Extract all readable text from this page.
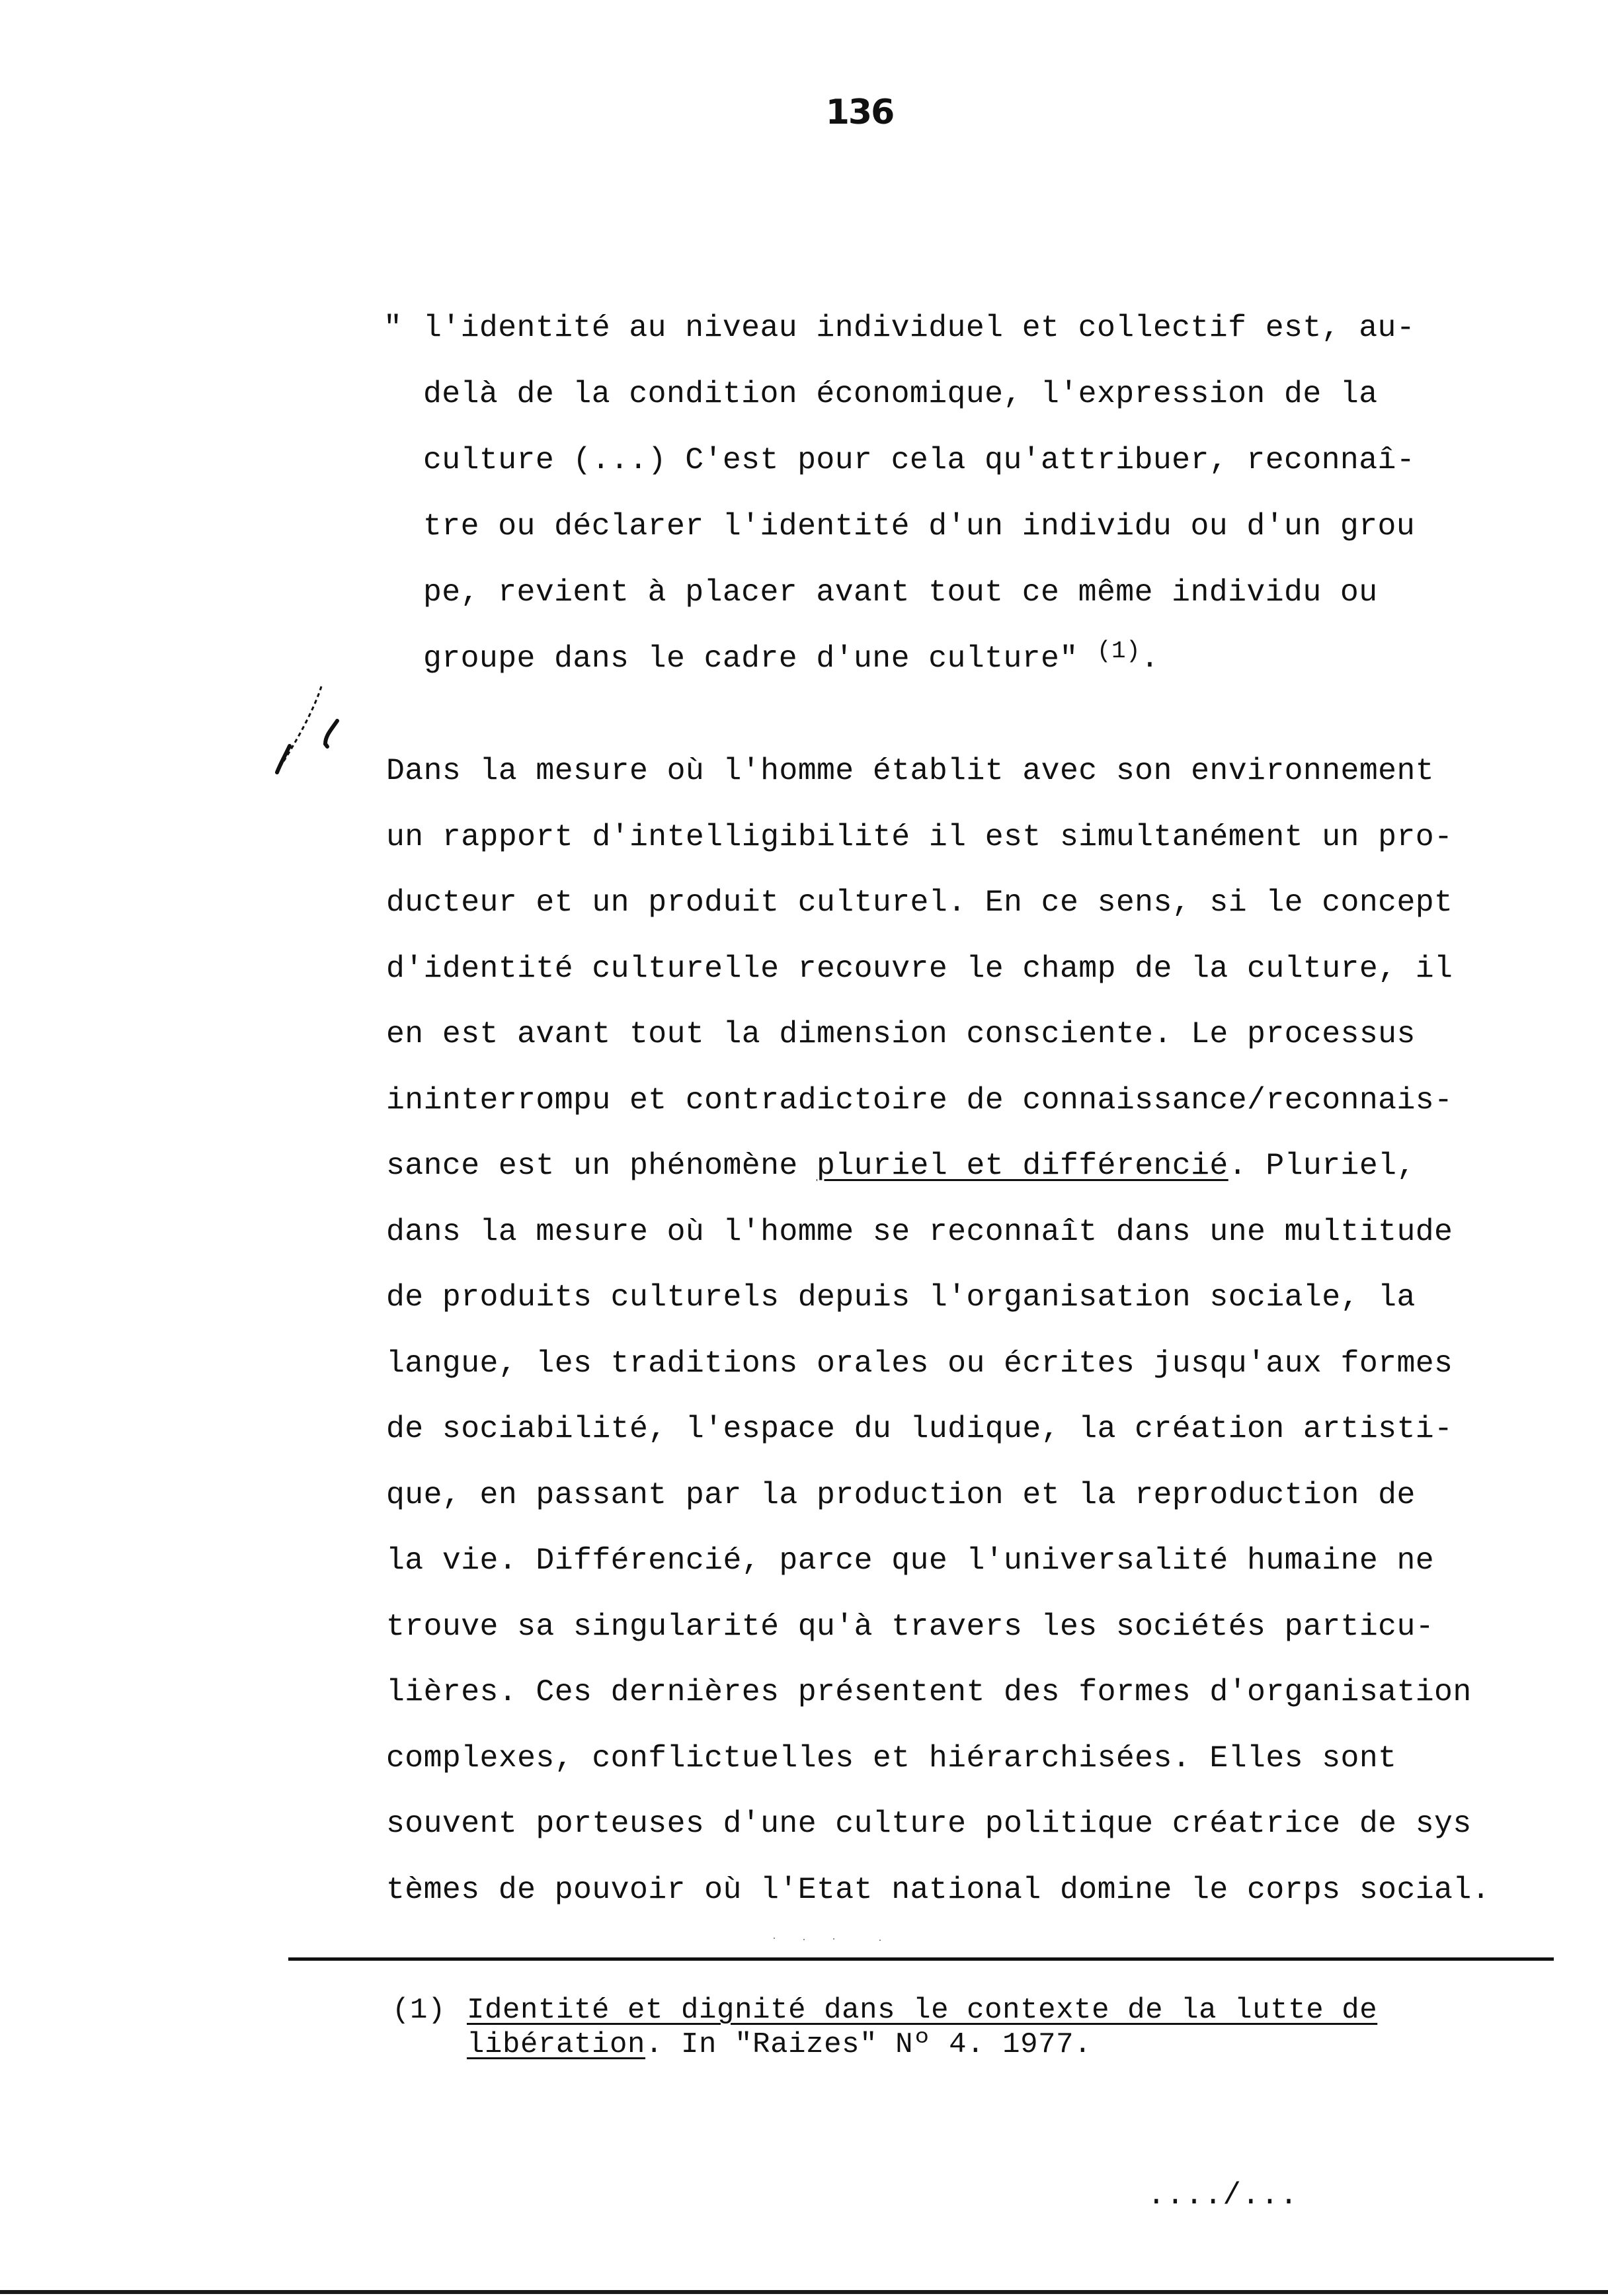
136
" l'identité au niveau individuel et collectif est, au-
delà de la condition économique, l'expression de la
culture (...) C'est pour cela qu'attribuer, reconnaî-
tre ou déclarer l'identité d'un individu ou d'un grou
pe, revient à placer avant tout ce même individu ou
groupe dans le cadre d'une culture" $^{(1)}$.
Dans la mesure où l'homme établit avec son environnement
un rapport d'intelligibilité il est simultanément un pro-
ducteur et un produit culturel. En ce sens, si le concept
d'identité culturelle recouvre le champ de la culture, il
en est avant tout la dimension consciente. Le processus
ininterrompu et contradictoire de connaissance/reconnais-
sance est un phénomène pluriel et différencié. Pluriel,
dans la mesure où l'homme se reconnaît dans une multitude
de produits culturels depuis l'organisation sociale, la
langue, les traditions orales ou écrites jusqu'aux formes
de sociabilité, l'espace du ludique, la création artisti-
que, en passant par la production et la reproduction de
la vie. Différencié, parce que l'universalité humaine ne
trouve sa singularité qu'à travers les sociétés particu-
lières. Ces dernières présentent des formes d'organisation
complexes, conflictuelles et hiérarchisées. Elles sont
souvent porteuses d'une culture politique créatrice de sys
tèmes de pouvoir où l'Etat national domine le corps social.
(1) Identité et dignité dans le contexte de la lutte de
libération. In "Raizes" Nº 4. 1977.
..../...
